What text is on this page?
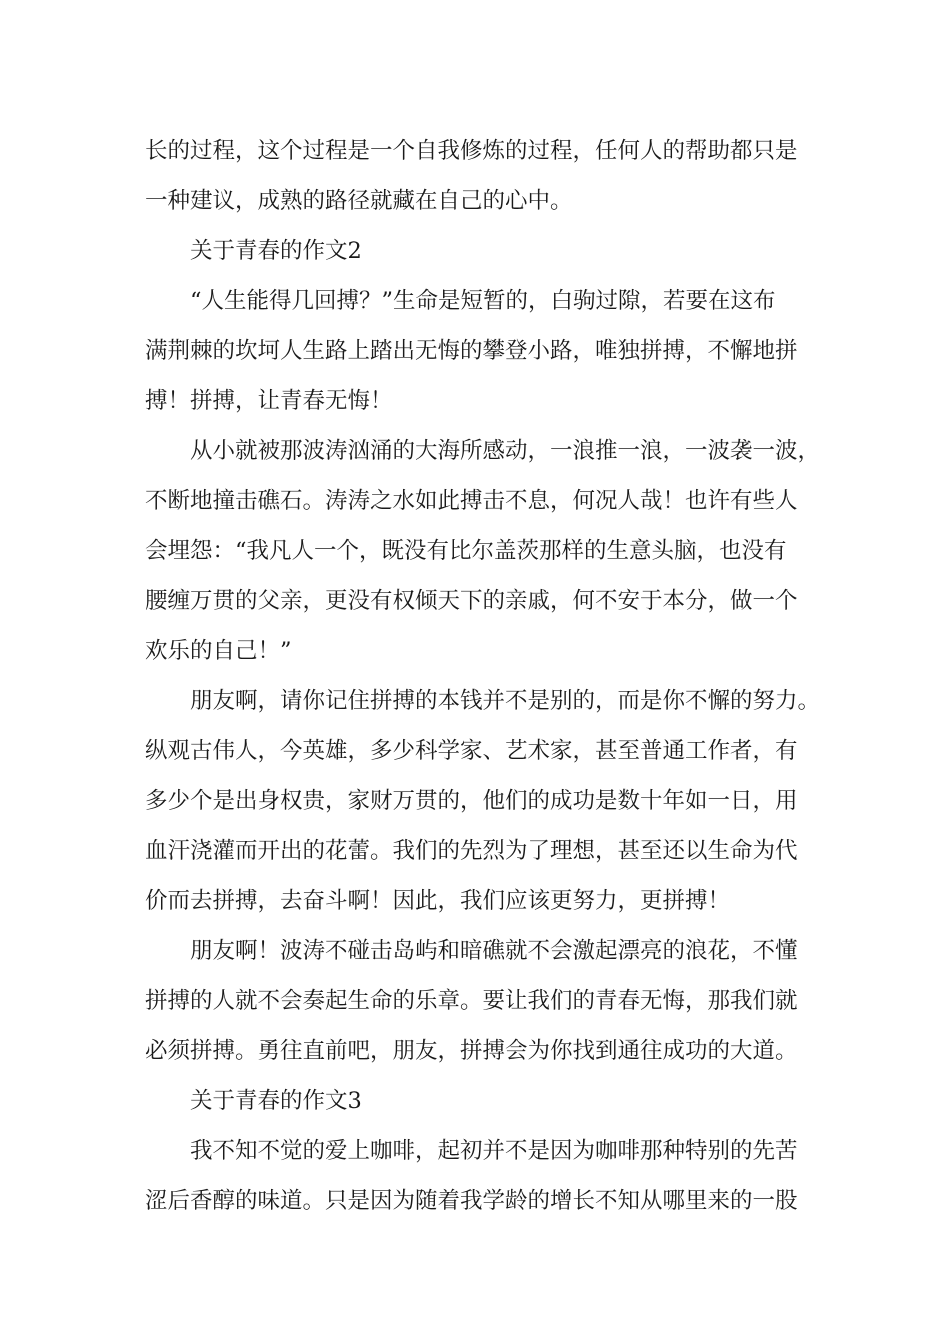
长的过程，这个过程是一个自我修炼的过程，任何人的帮助都只是

一种建议，成熟的路径就藏在自己的心中。

关于青春的作文2

“人生能得几回搏？”生命是短暂的，白驹过隙，若要在这布

满荆棘的坎坷人生路上踏出无悔的攀登小路，唯独拼搏，不懈地拼

搏！拼搏，让青春无悔！

从小就被那波涛汹涌的大海所感动，一浪推一浪，一波袭一波，

不断地撞击礁石。涛涛之水如此搏击不息，何况人哉！也许有些人

会埋怨：“我凡人一个，既没有比尔盖茨那样的生意头脑，也没有

腰缠万贯的父亲，更没有权倾天下的亲戚，何不安于本分，做一个

欢乐的自己！”

朋友啊，请你记住拼搏的本钱并不是别的，而是你不懈的努力。

纵观古伟人，今英雄，多少科学家、艺术家，甚至普通工作者，有

多少个是出身权贵，家财万贯的，他们的成功是数十年如一日，用

血汗浇灌而开出的花蕾。我们的先烈为了理想，甚至还以生命为代

价而去拼搏，去奋斗啊！因此，我们应该更努力，更拼搏！

朋友啊！波涛不碰击岛屿和暗礁就不会激起漂亮的浪花，不懂

拼搏的人就不会奏起生命的乐章。要让我们的青春无悔，那我们就

必须拼搏。勇往直前吧，朋友，拼搏会为你找到通往成功的大道。

关于青春的作文3

我不知不觉的爱上咖啡，起初并不是因为咖啡那种特别的先苦

涩后香醇的味道。只是因为随着我学龄的增长不知从哪里来的一股
